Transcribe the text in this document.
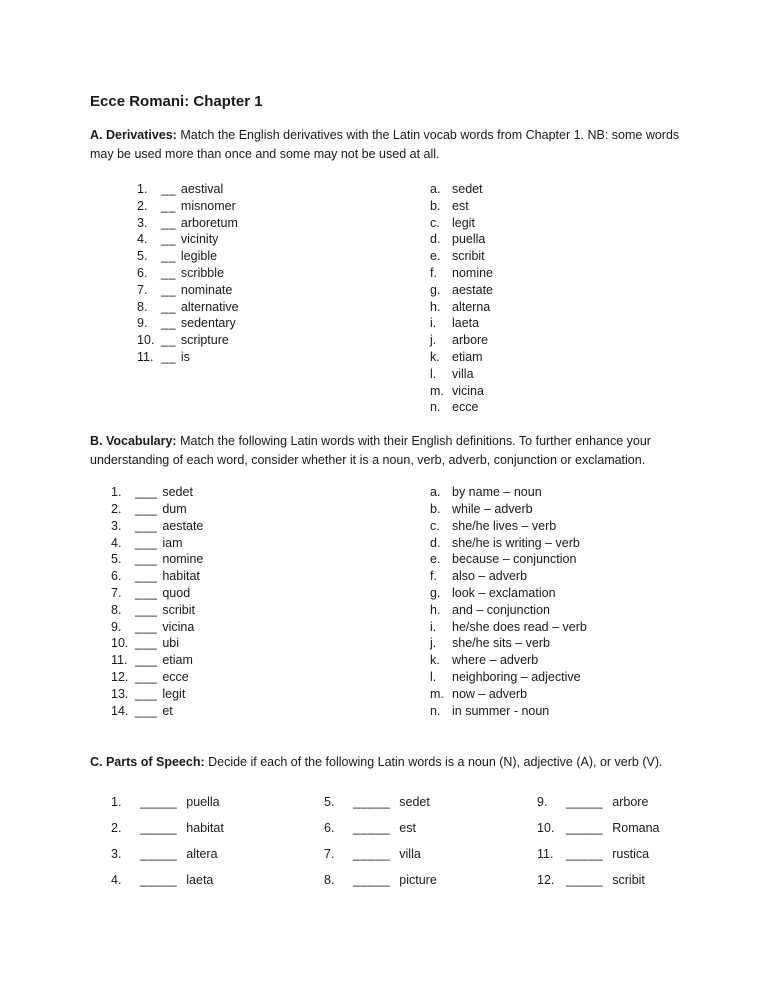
Ecce Romani: Chapter 1

A. Derivatives: Match the English derivatives with the Latin vocab words from Chapter 1. NB: some words may be used more than once and some may not be used at all.

1. __ aestival
2. __ misnomer
3. __ arboretum
4. __ vicinity
5. __ legible
6. __ scribble
7. __ nominate
8. __ alternative
9. __ sedentary
10. __ scripture
11. __ is
a. sedet
b. est
c. legit
d. puella
e. scribit
f. nomine
g. aestate
h. alterna
i. laeta
j. arbore
k. etiam
l. villa
m. vicina
n. ecce

B. Vocabulary: Match the following Latin words with their English definitions. To further enhance your understanding of each word, consider whether it is a noun, verb, adverb, conjunction or exclamation.

1. ___ sedet
2. ___ dum
3. ___ aestate
4. ___ iam
5. ___ nomine
6. ___ habitat
7. ___ quod
8. ___ scribit
9. ___ vicina
10. ___ ubi
11. ___ etiam
12. ___ ecce
13. ___ legit
14. ___ et
a. by name – noun
b. while – adverb
c. she/he lives – verb
d. she/he is writing – verb
e. because – conjunction
f. also – adverb
g. look – exclamation
h. and – conjunction
i. he/she does read – verb
j. she/he sits – verb
k. where – adverb
l. neighboring – adjective
m. now – adverb
n. in summer - noun

C. Parts of Speech: Decide if each of the following Latin words is a noun (N), adjective (A), or verb (V).

1. _____ puella
2. _____ habitat
3. _____ altera
4. _____ laeta
5. _____ sedet
6. _____ est
7. _____ villa
8. _____ picture
9. _____ arbore
10. _____ Romana
11. _____ rustica
12. _____ scribit
